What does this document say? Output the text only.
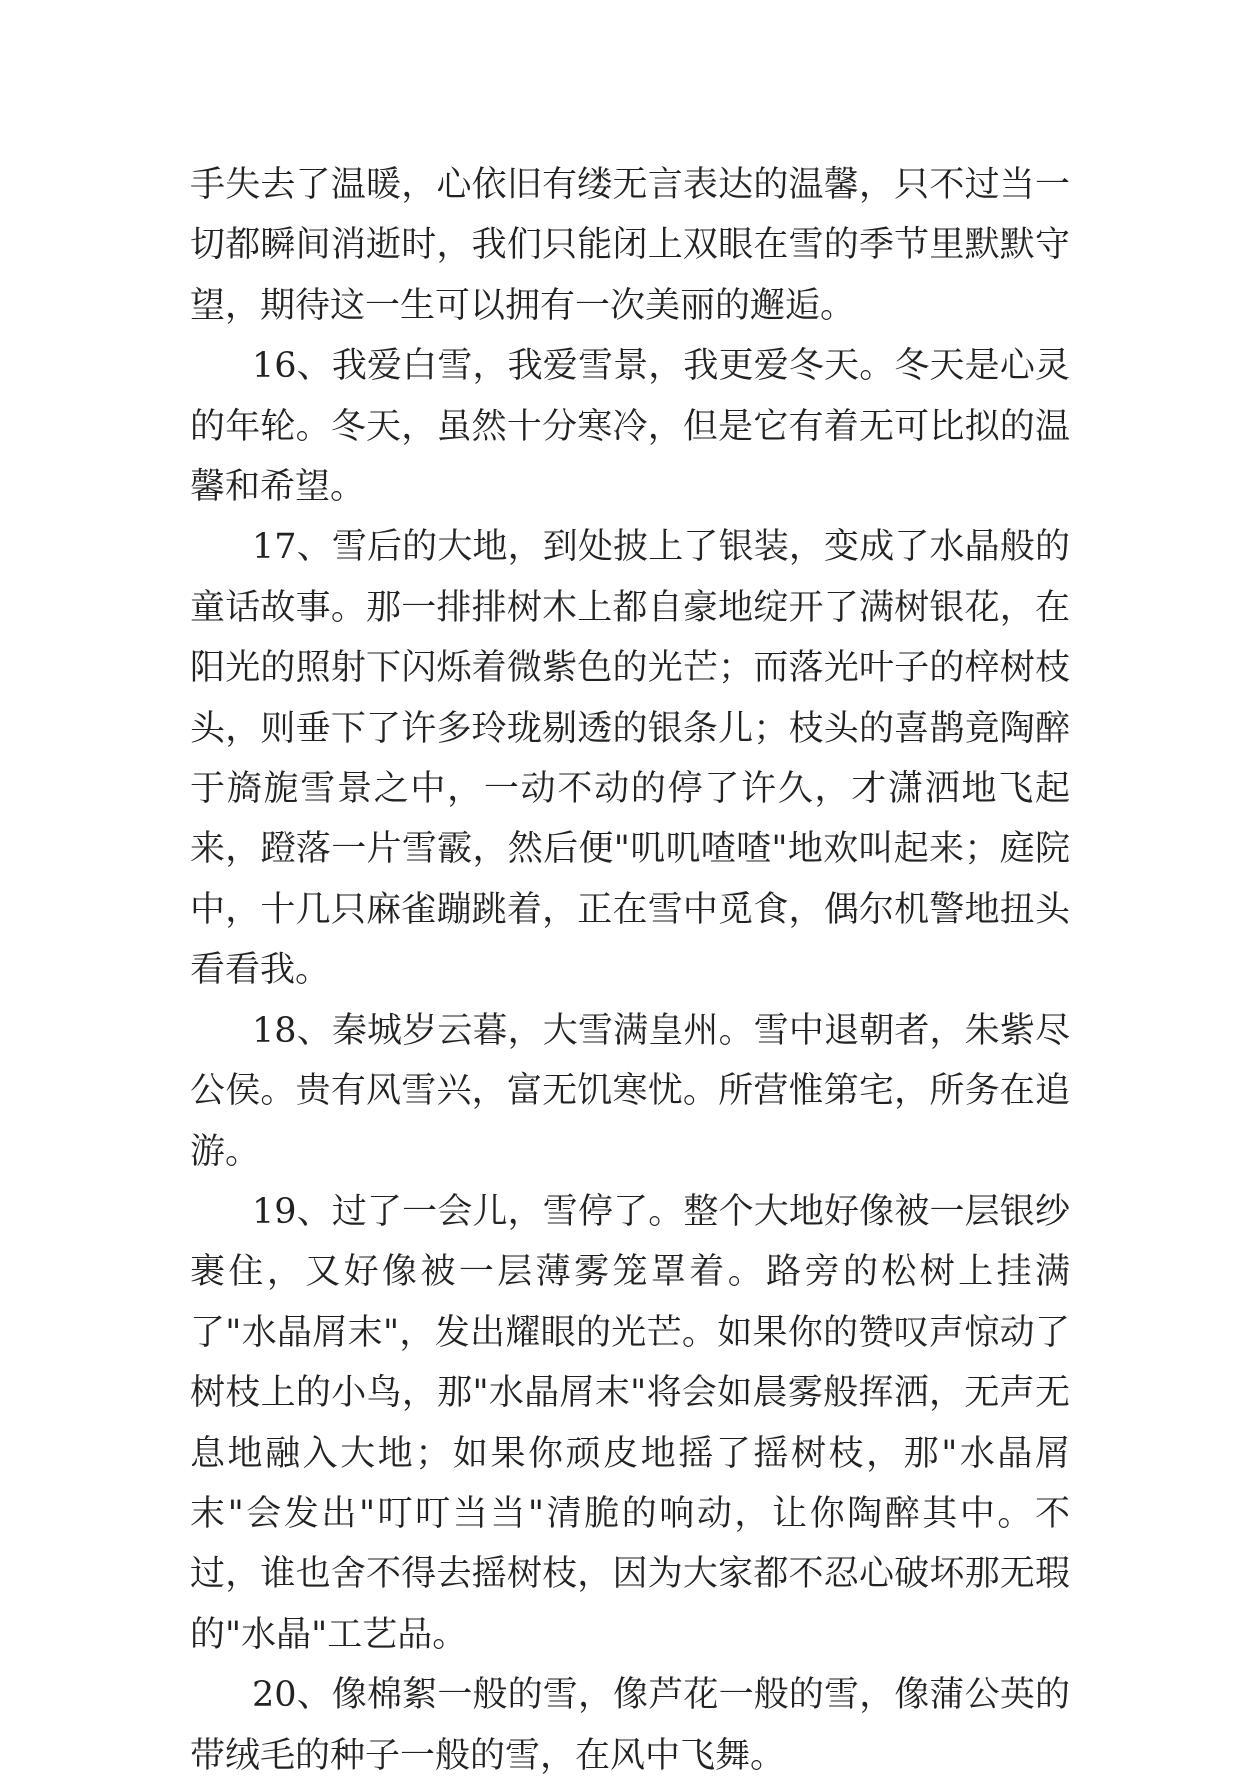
手失去了温暖，心依旧有缕无言表达的温馨，只不过当一切都瞬间消逝时，我们只能闭上双眼在雪的季节里默默守望，期待这一生可以拥有一次美丽的邂逅。

16、我爱白雪，我爱雪景，我更爱冬天。冬天是心灵的年轮。冬天，虽然十分寒冷，但是它有着无可比拟的温馨和希望。

17、雪后的大地，到处披上了银装，变成了水晶般的童话故事。那一排排树木上都自豪地绽开了满树银花，在阳光的照射下闪烁着微紫色的光芒；而落光叶子的梓树枝头，则垂下了许多玲珑剔透的银条儿；枝头的喜鹊竟陶醉于旖旎雪景之中，一动不动的停了许久，才潇洒地飞起来，蹬落一片雪霰，然后便"叽叽喳喳"地欢叫起来；庭院中，十几只麻雀蹦跳着，正在雪中觅食，偶尔机警地扭头看看我。

18、秦城岁云暮，大雪满皇州。雪中退朝者，朱紫尽公侯。贵有风雪兴，富无饥寒忧。所营惟第宅，所务在追游。

19、过了一会儿，雪停了。整个大地好像被一层银纱裹住，又好像被一层薄雾笼罩着。路旁的松树上挂满了"水晶屑末"，发出耀眼的光芒。如果你的赞叹声惊动了树枝上的小鸟，那"水晶屑末"将会如晨雾般挥洒，无声无息地融入大地；如果你顽皮地摇了摇树枝，那"水晶屑末"会发出"叮叮当当"清脆的响动，让你陶醉其中。不过，谁也舍不得去摇树枝，因为大家都不忍心破坏那无瑕的"水晶"工艺品。

20、像棉絮一般的雪，像芦花一般的雪，像蒲公英的带绒毛的种子一般的雪，在风中飞舞。
